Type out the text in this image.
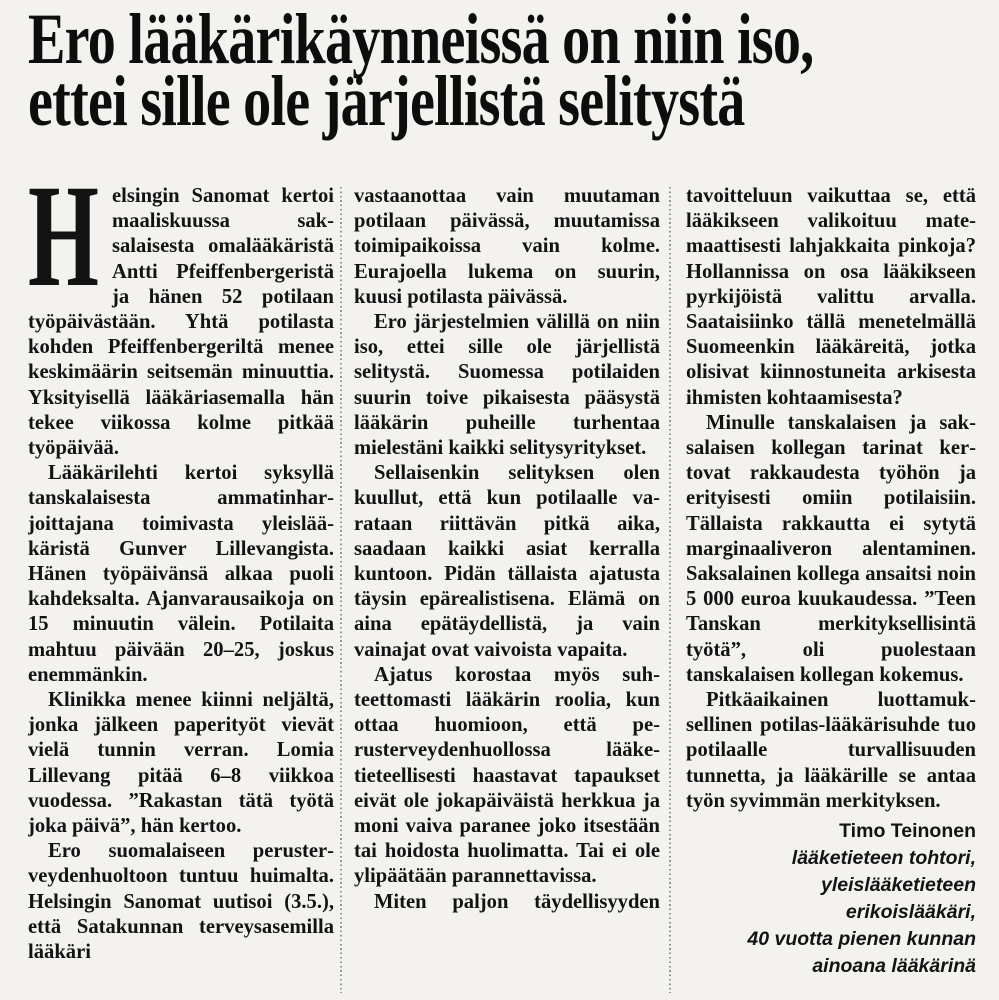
Ero lääkärikäynneissä on niin iso,
ettei sille ole järjellistä selitystä

Helsingin Sanomat kertoi maaliskuussa saksalaisesta omalääkäristä Antti Pfeiffenbergeristä ja hänen 52 potilaan työpäivästään. Yhtä potilasta kohden Pfeiffenbergeriltä menee keskimäärin seitsemän minuuttia. Yksityisellä lääkäriasemalla hän tekee viikossa kolme pitkää työpäivää.

Lääkärilehti kertoi syksyllä tanskalaisesta ammatinharjoittajana toimivasta yleislääkäristä Gunver Lillevangista. Hänen työpäivänsä alkaa puoli kahdeksalta. Ajanvarausaikoja on 15 minuutin välein. Potilaita mahtuu päivään 20–25, joskus enemmänkin.

Klinikka menee kiinni neljältä, jonka jälkeen paperityöt vievät vielä tunnin verran. Lomia Lillevang pitää 6–8 viikkoa vuodessa. ”Rakastan tätä työtä joka päivä”, hän kertoo.

Ero suomalaiseen perusterveydenhuoltoon tuntuu huimalta. Helsingin Sanomat uutisoi (3.5.), että Satakunnan terveysasemilla lääkäri

vastaanottaa vain muutaman potilaan päivässä, muutamissa toimipaikoissa vain kolme. Eurajoella lukema on suurin, kuusi potilasta päivässä.

Ero järjestelmien välillä on niin iso, ettei sille ole järjellistä selitystä. Suomessa potilaiden suurin toive pikaisesta pääsystä lääkärin puheille turhentaa mielestäni kaikki selitysyritykset.

Sellaisenkin selityksen olen kuullut, että kun potilaalle varataan riittävän pitkä aika, saadaan kaikki asiat kerralla kuntoon. Pidän tällaista ajatusta täysin epärealistisena. Elämä on aina epätäydellistä, ja vain vainajat ovat vaivoista vapaita.

Ajatus korostaa myös suhteettomasti lääkärin roolia, kun ottaa huomioon, että perusterveydenhuollossa lääketieteellisesti haastavat tapaukset eivät ole jokapäiväistä herkkua ja moni vaiva paranee joko itsestään tai hoidosta huolimatta. Tai ei ole ylipäätään parannettavissa.

Miten paljon täydellisyyden

tavoitteluun vaikuttaa se, että lääkikseen valikoituu matemaattisesti lahjakkaita pinkoja? Hollannissa on osa lääkikseen pyrkijöistä valittu arvalla. Saataisiinko tällä menetelmällä Suomeenkin lääkäreitä, jotka olisivat kiinnostuneita arkisesta ihmisten kohtaamisesta?

Minulle tanskalaisen ja saksalaisen kollegan tarinat kertovat rakkaudesta työhön ja erityisesti omiin potilaisiin. Tällaista rakkautta ei sytytä marginaaliveron alentaminen. Saksalainen kollega ansaitsi noin 5 000 euroa kuukaudessa. ”Teen Tanskan merkityksellisintä työtä”, oli puolestaan tanskalaisen kollegan kokemus.

Pitkäaikainen luottamuksellinen potilas-lääkärisuhde tuo potilaalle turvallisuuden tunnetta, ja lääkärille se antaa työn syvimmän merkityksen.

Timo Teinonen
lääketieteen tohtori,
yleislääketieteen erikoislääkäri,
40 vuotta pienen kunnan
ainoana lääkärinä
